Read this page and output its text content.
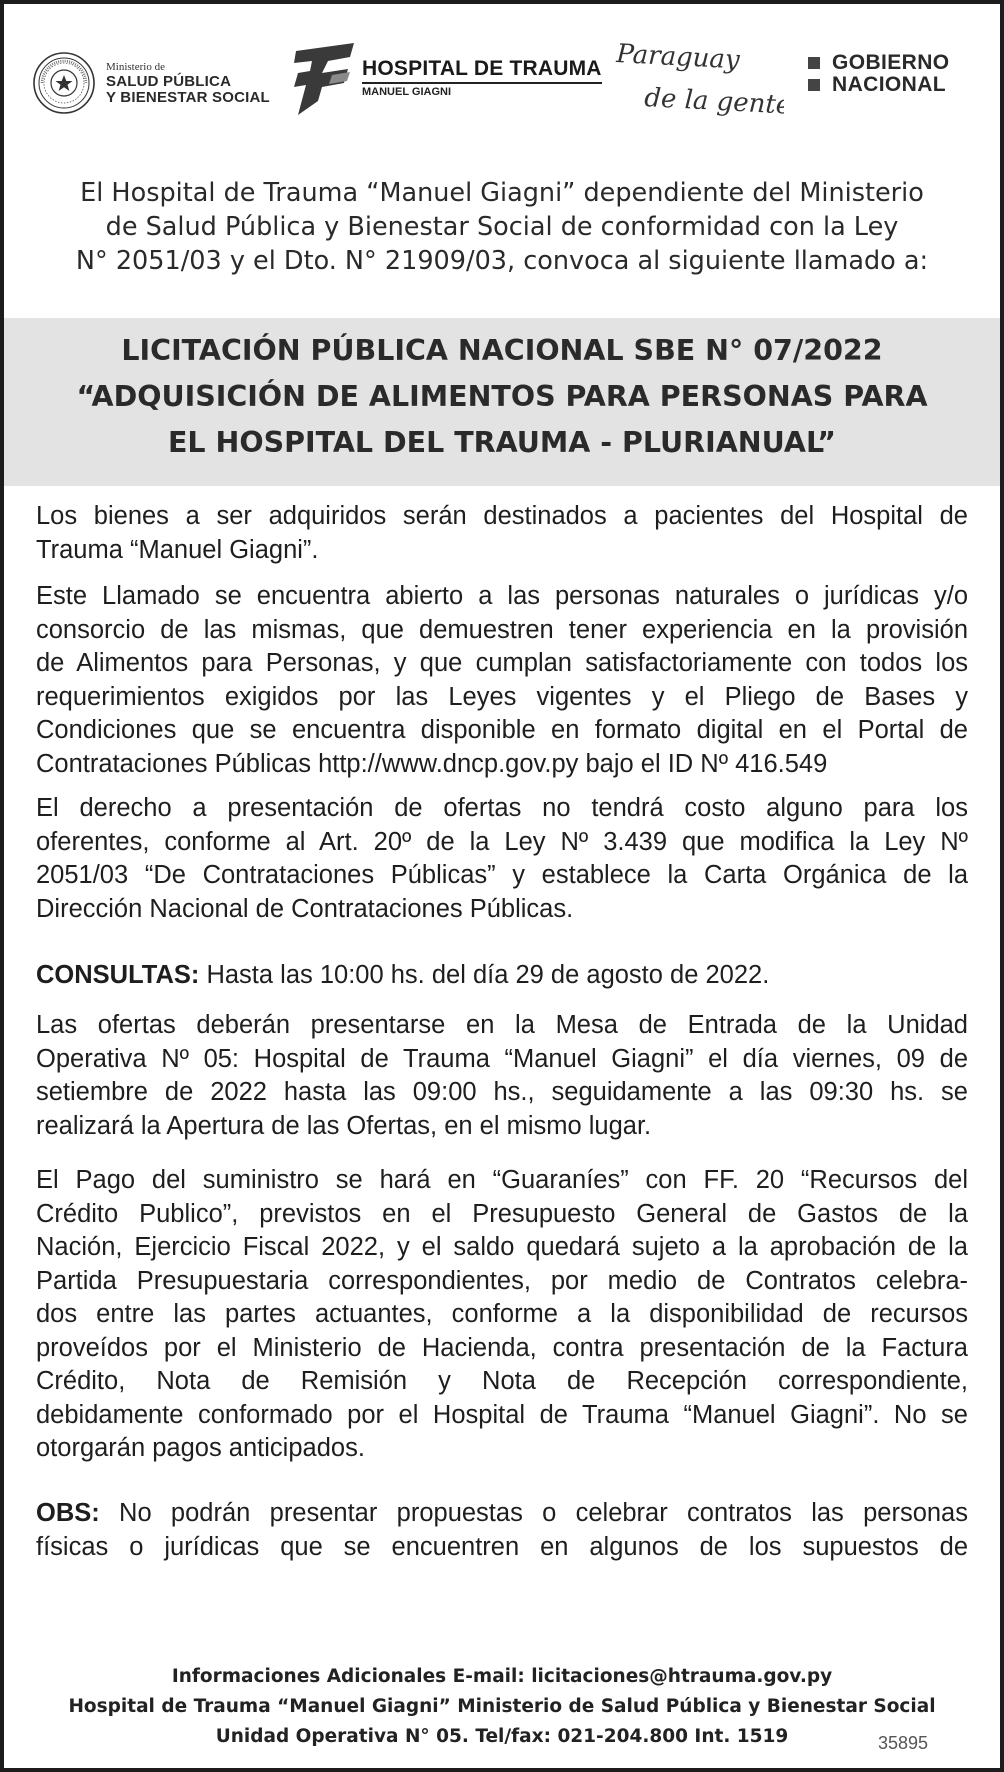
Ministerio de
SALUD PÚBLICA
Y BIENESTAR SOCIAL
HOSPITAL DE TRAUMA
MANUEL GIAGNI
Paraguay
de la gente
GOBIERNO
NACIONAL
El Hospital de Trauma “Manuel Giagni” dependiente del Ministerio
de Salud Pública y Bienestar Social de conformidad con la Ley
N° 2051/03 y el Dto. N° 21909/03, convoca al siguiente llamado a:
LICITACIÓN PÚBLICA NACIONAL SBE N° 07/2022
“ADQUISICIÓN DE ALIMENTOS PARA PERSONAS PARA
EL HOSPITAL DEL TRAUMA - PLURIANUAL”
Los bienes a ser adquiridos serán destinados a pacientes del Hospital de
Trauma “Manuel Giagni”.
Este Llamado se encuentra abierto a las personas naturales o jurídicas y/o
consorcio de las mismas, que demuestren tener experiencia en la provisión
de Alimentos para Personas, y que cumplan satisfactoriamente con todos los
requerimientos exigidos por las Leyes vigentes y el Pliego de Bases y
Condiciones que se encuentra disponible en formato digital en el Portal de
Contrataciones Públicas http://www.dncp.gov.py bajo el ID Nº 416.549
El derecho a presentación de ofertas no tendrá costo alguno para los
oferentes, conforme al Art. 20º de la Ley Nº 3.439 que modifica la Ley Nº
2051/03 “De Contrataciones Públicas” y establece la Carta Orgánica de la
Dirección Nacional de Contrataciones Públicas.
CONSULTAS: Hasta las 10:00 hs. del día 29 de agosto de 2022.
Las ofertas deberán presentarse en la Mesa de Entrada de la Unidad
Operativa Nº 05: Hospital de Trauma “Manuel Giagni” el día viernes, 09 de
setiembre de 2022 hasta las 09:00 hs., seguidamente a las 09:30 hs. se
realizará la Apertura de las Ofertas, en el mismo lugar.
El Pago del suministro se hará en “Guaraníes” con FF. 20 “Recursos del
Crédito Publico”, previstos en el Presupuesto General de Gastos de la
Nación, Ejercicio Fiscal 2022, y el saldo quedará sujeto a la aprobación de la
Partida Presupuestaria correspondientes, por medio de Contratos celebra-
dos entre las partes actuantes, conforme a la disponibilidad de recursos
proveídos por el Ministerio de Hacienda, contra presentación de la Factura
Crédito, Nota de Remisión y Nota de Recepción correspondiente,
debidamente conformado por el Hospital de Trauma “Manuel Giagni”. No se
otorgarán pagos anticipados.
OBS: No podrán presentar propuestas o celebrar contratos las personas
físicas o jurídicas que se encuentren en algunos de los supuestos de
Informaciones Adicionales E-mail: licitaciones@htrauma.gov.py
Hospital de Trauma “Manuel Giagni” Ministerio de Salud Pública y Bienestar Social
Unidad Operativa N° 05. Tel/fax: 021-204.800 Int. 1519	35895
